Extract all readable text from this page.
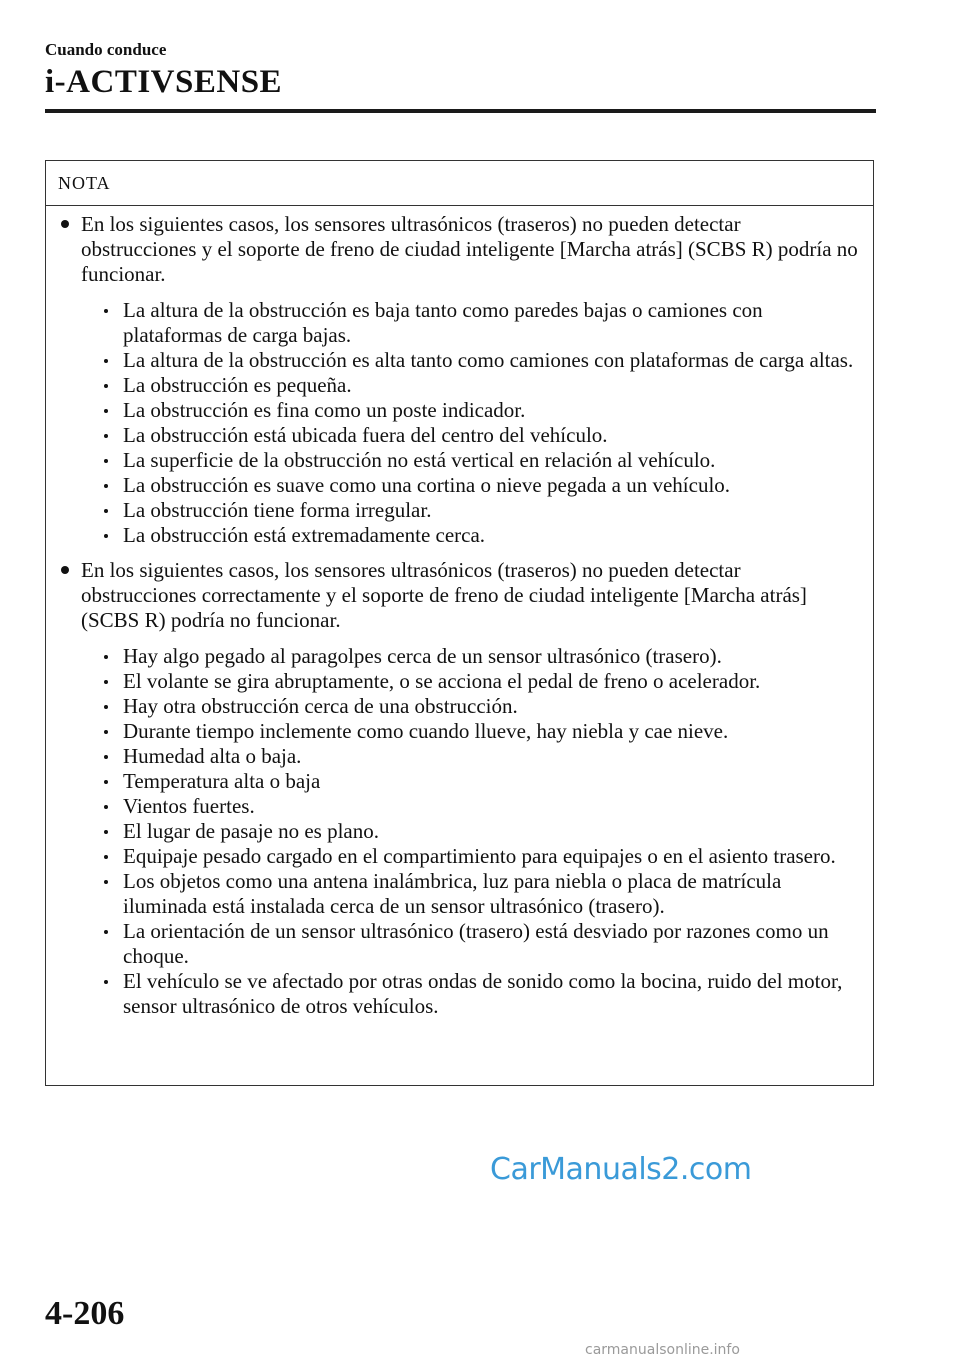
Cuando conduce
i-ACTIVSENSE
NOTA
En los siguientes casos, los sensores ultrasónicos (traseros) no pueden detectar obstrucciones y el soporte de freno de ciudad inteligente [Marcha atrás] (SCBS R) podría no funcionar.
La altura de la obstrucción es baja tanto como paredes bajas o camiones con plataformas de carga bajas.
La altura de la obstrucción es alta tanto como camiones con plataformas de carga altas.
La obstrucción es pequeña.
La obstrucción es fina como un poste indicador.
La obstrucción está ubicada fuera del centro del vehículo.
La superficie de la obstrucción no está vertical en relación al vehículo.
La obstrucción es suave como una cortina o nieve pegada a un vehículo.
La obstrucción tiene forma irregular.
La obstrucción está extremadamente cerca.
En los siguientes casos, los sensores ultrasónicos (traseros) no pueden detectar obstrucciones correctamente y el soporte de freno de ciudad inteligente [Marcha atrás] (SCBS R) podría no funcionar.
Hay algo pegado al paragolpes cerca de un sensor ultrasónico (trasero).
El volante se gira abruptamente, o se acciona el pedal de freno o acelerador.
Hay otra obstrucción cerca de una obstrucción.
Durante tiempo inclemente como cuando llueve, hay niebla y cae nieve.
Humedad alta o baja.
Temperatura alta o baja
Vientos fuertes.
El lugar de pasaje no es plano.
Equipaje pesado cargado en el compartimiento para equipajes o en el asiento trasero.
Los objetos como una antena inalámbrica, luz para niebla o placa de matrícula iluminada está instalada cerca de un sensor ultrasónico (trasero).
La orientación de un sensor ultrasónico (trasero) está desviado por razones como un choque.
El vehículo se ve afectado por otras ondas de sonido como la bocina, ruido del motor, sensor ultrasónico de otros vehículos.
CarManuals2.com
4-206
carmanualsonline.info
